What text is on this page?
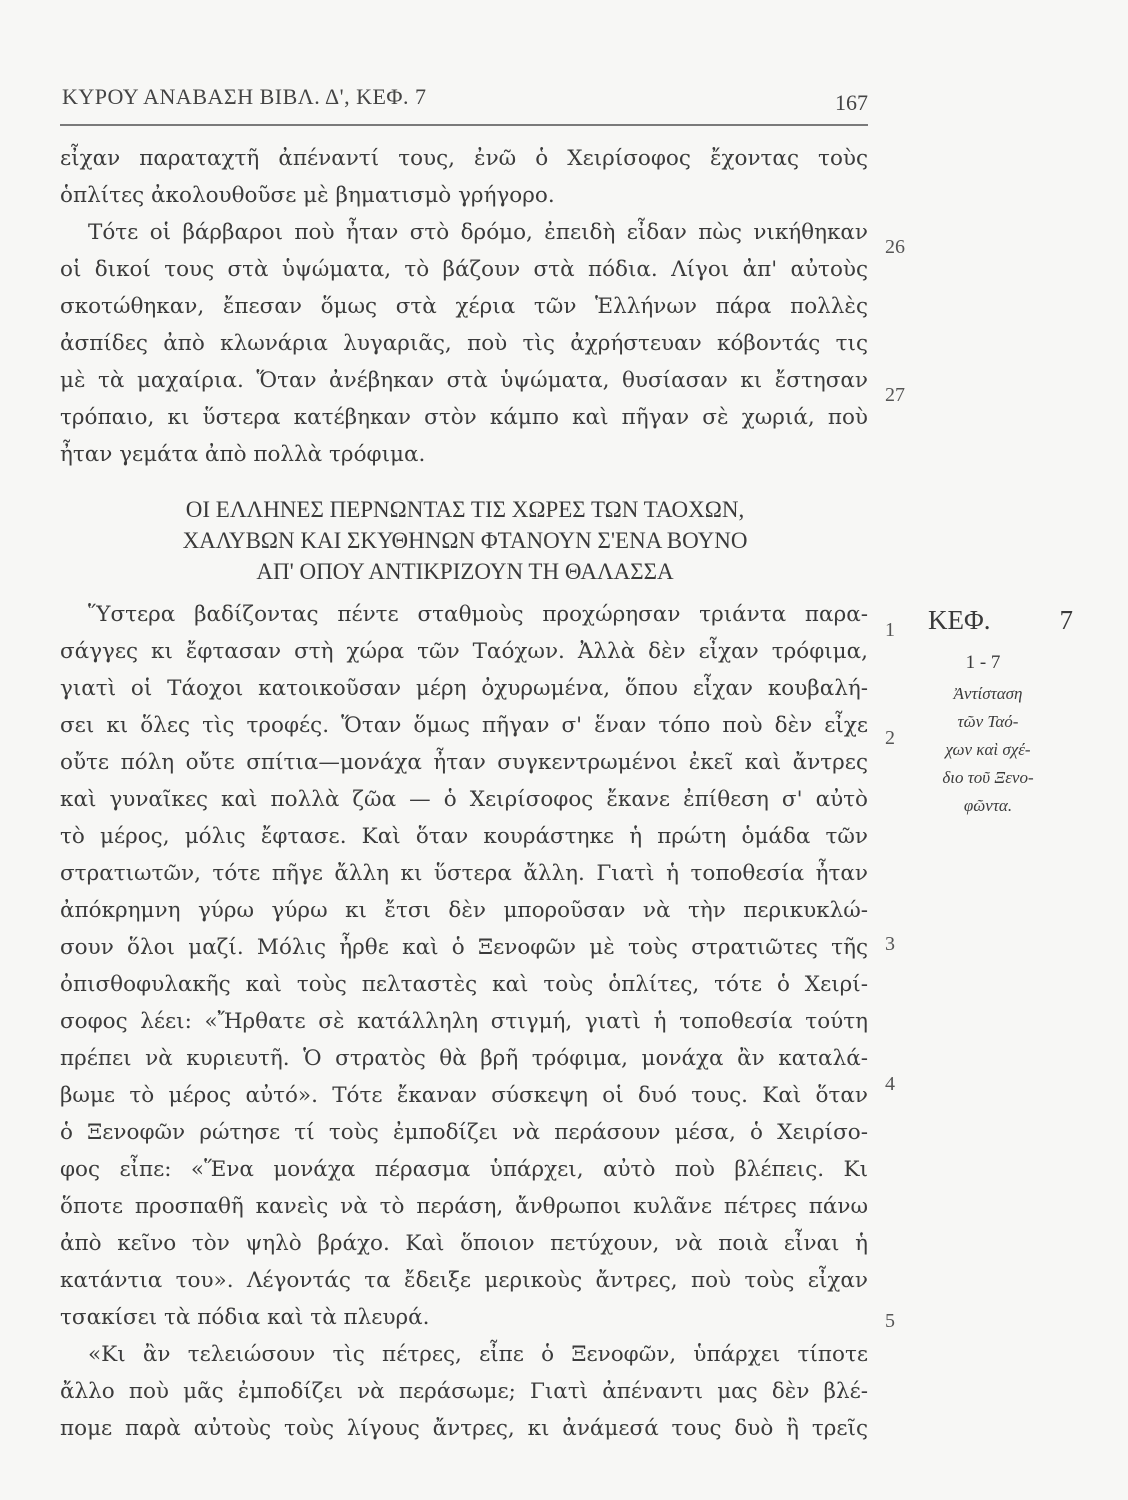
ΚΥΡΟΥ ΑΝΑΒΑΣΗ ΒΙΒΛ. Δ', ΚΕΦ. 7	167
εἶχαν παραταχτῆ ἀπέναντί τους, ἐνῶ ὁ Χειρίσοφος ἔχοντας τοὺς
ὁπλίτες ἀκολουθοῦσε μὲ βηματισμὸ γρήγορο.
Τότε οἱ βάρβαροι ποὺ ἦταν στὸ δρόμο, ἐπειδὴ εἶδαν πὼς νικήθηκαν
οἱ δικοί τους στὰ ὑψώματα, τὸ βάζουν στὰ πόδια. Λίγοι ἀπ' αὐτοὺς
σκοτώθηκαν, ἔπεσαν ὅμως στὰ χέρια τῶν Ἑλλήνων πάρα πολλὲς
ἀσπίδες ἀπὸ κλωνάρια λυγαριᾶς, ποὺ τὶς ἀχρήστευαν κόβοντάς τις
μὲ τὰ μαχαίρια. Ὅταν ἀνέβηκαν στὰ ὑψώματα, θυσίασαν κι ἔστησαν
τρόπαιο, κι ὕστερα κατέβηκαν στὸν κάμπο καὶ πῆγαν σὲ χωριά, ποὺ
ἦταν γεμάτα ἀπὸ πολλὰ τρόφιμα.
ΟΙ ΕΛΛΗΝΕΣ ΠΕΡΝΩΝΤΑΣ ΤΙΣ ΧΩΡΕΣ ΤΩΝ ΤΑΟΧΩΝ,
ΧΑΛΥΒΩΝ ΚΑΙ ΣΚΥΘΗΝΩΝ ΦΤΑΝΟΥΝ Σ'ΕΝΑ ΒΟΥΝΟ
ΑΠ' ΟΠΟΥ ΑΝΤΙΚΡΙΖΟΥΝ ΤΗ ΘΑΛΑΣΣΑ
Ὕστερα βαδίζοντας πέντε σταθμοὺς προχώρησαν τριάντα παρα-
σάγγες κι ἔφτασαν στὴ χώρα τῶν Ταόχων. Ἀλλὰ δὲν εἶχαν τρόφιμα,
γιατὶ οἱ Τάοχοι κατοικοῦσαν μέρη ὀχυρωμένα, ὅπου εἶχαν κουβαλή-
σει κι ὅλες τὶς τροφές. Ὅταν ὅμως πῆγαν σ' ἕναν τόπο ποὺ δὲν εἶχε
οὔτε πόλη οὔτε σπίτια—μονάχα ἦταν συγκεντρωμένοι ἐκεῖ καὶ ἄντρες
καὶ γυναῖκες καὶ πολλὰ ζῶα — ὁ Χειρίσοφος ἔκανε ἐπίθεση σ' αὐτὸ
τὸ μέρος, μόλις ἔφτασε. Καὶ ὅταν κουράστηκε ἡ πρώτη ὁμάδα τῶν
στρατιωτῶν, τότε πῆγε ἄλλη κι ὕστερα ἄλλη. Γιατὶ ἡ τοποθεσία ἦταν
ἀπόκρημνη γύρω γύρω κι ἔτσι δὲν μποροῦσαν νὰ τὴν περικυκλώ-
σουν ὅλοι μαζί. Μόλις ἦρθε καὶ ὁ Ξενοφῶν μὲ τοὺς στρατιῶτες τῆς
ὀπισθοφυλακῆς καὶ τοὺς πελταστὲς καὶ τοὺς ὁπλίτες, τότε ὁ Χειρί-
σοφος λέει: «Ἤρθατε σὲ κατάλληλη στιγμή, γιατὶ ἡ τοποθεσία τούτη
πρέπει νὰ κυριευτῆ. Ὁ στρατὸς θὰ βρῆ τρόφιμα, μονάχα ἂν καταλά-
βωμε τὸ μέρος αὐτό». Τότε ἔκαναν σύσκεψη οἱ δυό τους. Καὶ ὅταν
ὁ Ξενοφῶν ρώτησε τί τοὺς ἐμποδίζει νὰ περάσουν μέσα, ὁ Χειρίσο-
φος εἶπε: «Ἕνα μονάχα πέρασμα ὑπάρχει, αὐτὸ ποὺ βλέπεις. Κι
ὅποτε προσπαθῆ κανεὶς νὰ τὸ περάση, ἄνθρωποι κυλᾶνε πέτρες πάνω
ἀπὸ κεῖνο τὸν ψηλὸ βράχο. Καὶ ὅποιον πετύχουν, νὰ ποιὰ εἶναι ἡ
κατάντια του». Λέγοντάς τα ἔδειξε μερικοὺς ἄντρες, ποὺ τοὺς εἶχαν
τσακίσει τὰ πόδια καὶ τὰ πλευρά.
«Κι ἂν τελειώσουν τὶς πέτρες, εἶπε ὁ Ξενοφῶν, ὑπάρχει τίποτε
ἄλλο ποὺ μᾶς ἐμποδίζει νὰ περάσωμε; Γιατὶ ἀπέναντι μας δὲν βλέ-
πομε παρὰ αὐτοὺς τοὺς λίγους ἄντρες, κι ἀνάμεσά τους δυὸ ἢ τρεῖς
26
27
1
2
3
4
5
ΚΕΦ.	7
1 - 7
Ἀντίσταση
τῶν Ταό-
χων καὶ σχέ-
διο τοῦ Ξενο-
φῶντα.
